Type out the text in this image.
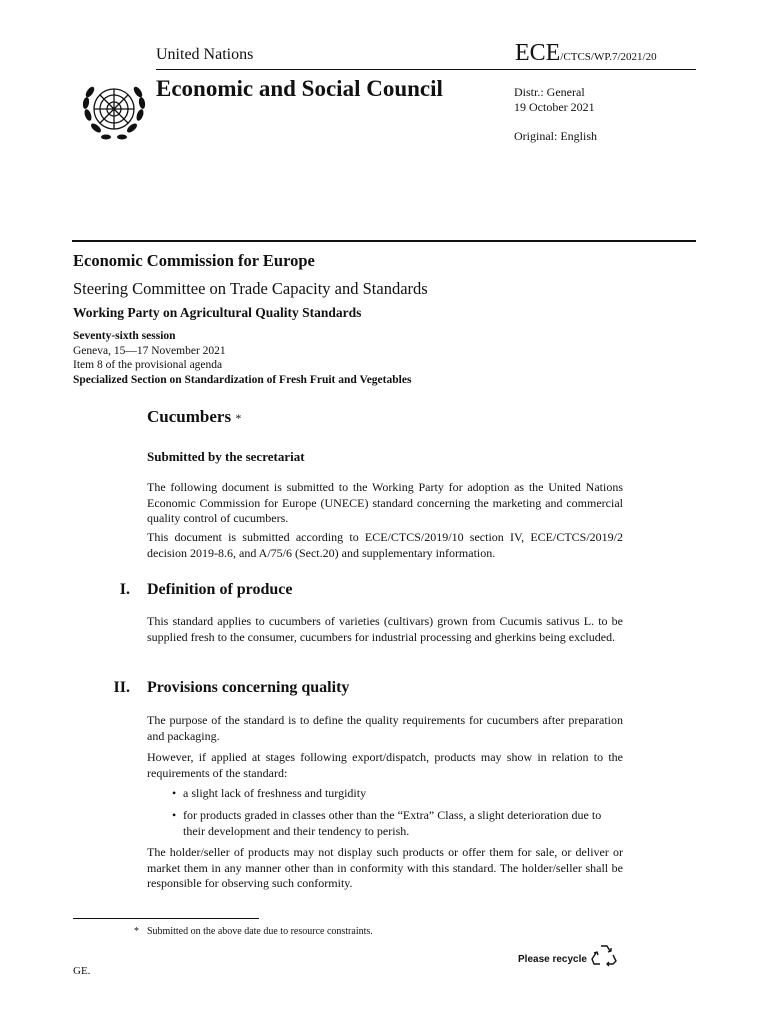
United Nations	ECE/CTCS/WP.7/2021/20
Economic and Social Council	Distr.: General
19 October 2021
Original: English
Economic Commission for Europe
Steering Committee on Trade Capacity and Standards
Working Party on Agricultural Quality Standards
Seventy-sixth session
Geneva, 15—17 November 2021
Item 8 of the provisional agenda
Specialized Section on Standardization of Fresh Fruit and Vegetables
Cucumbers *
Submitted by the secretariat
The following document is submitted to the Working Party for adoption as the United Nations Economic Commission for Europe (UNECE) standard concerning the marketing and commercial quality control of cucumbers.
This document is submitted according to ECE/CTCS/2019/10 section IV, ECE/CTCS/2019/2 decision 2019-8.6, and A/75/6 (Sect.20) and supplementary information.
I. Definition of produce
This standard applies to cucumbers of varieties (cultivars) grown from Cucumis sativus L. to be supplied fresh to the consumer, cucumbers for industrial processing and gherkins being excluded.
II. Provisions concerning quality
The purpose of the standard is to define the quality requirements for cucumbers after preparation and packaging.
However, if applied at stages following export/dispatch, products may show in relation to the requirements of the standard:
• a slight lack of freshness and turgidity
• for products graded in classes other than the “Extra” Class, a slight deterioration due to their development and their tendency to perish.
The holder/seller of products may not display such products or offer them for sale, or deliver or market them in any manner other than in conformity with this standard. The holder/seller shall be responsible for observing such conformity.
* Submitted on the above date due to resource constraints.
GE.
Please recycle
